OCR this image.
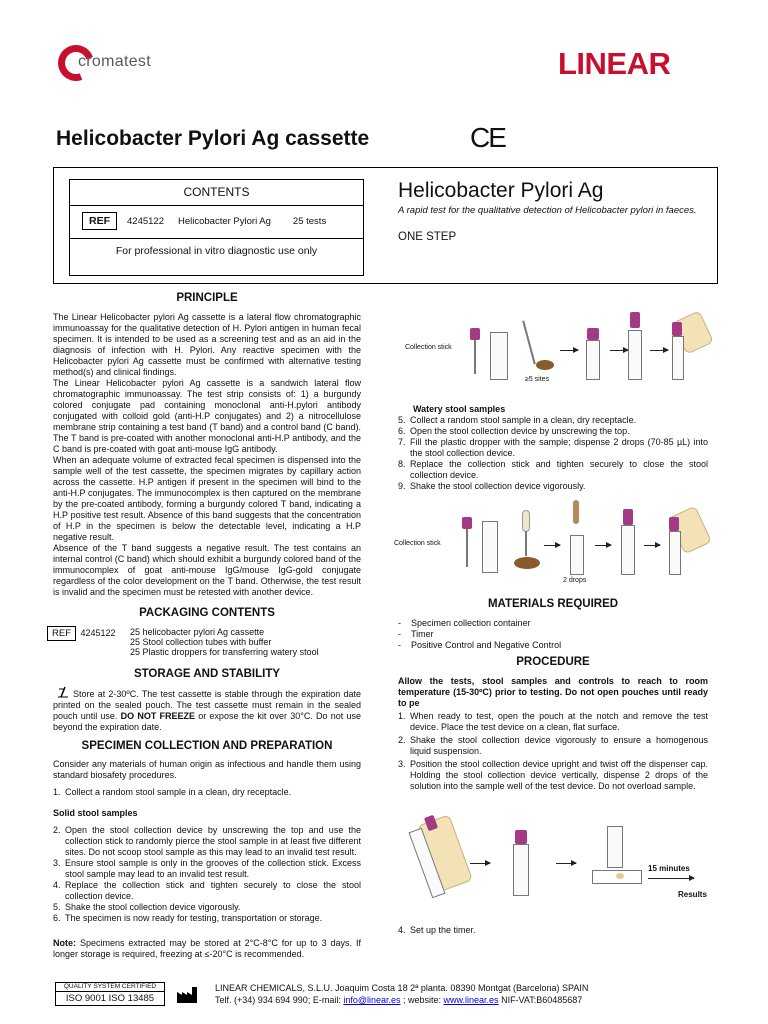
cromatest	LINEAR
Helicobacter Pylori Ag cassette	CE
CONTENTS
REF	4245122 Helicobacter Pylori Ag 25 tests
For professional in vitro diagnostic use only
Helicobacter Pylori Ag
A rapid test for the qualitative detection of Helicobacter pylori in faeces.
ONE STEP
PRINCIPLE

The Linear Helicobacter pylori Ag cassette is a lateral flow chromatographic immunoassay for the qualitative detection of H. Pylori antigen in human fecal specimen. It is intended to be used as a screening test and as an aid in the diagnosis of infection with H. Pylori. Any reactive specimen with the Helicobacter pylori Ag cassette must be confirmed with alternative testing method(s) and clinical findings.

The Linear Helicobacter pylori Ag cassette is a sandwich lateral flow chromatographic immunoassay. The test strip consists of: 1) a burgundy colored conjugate pad containing monoclonal anti-H.pylori antibody conjugated with colloid gold (anti-H.P conjugates) and 2) a nitrocellulose membrane strip containing a test band (T band) and a control band (C band). The T band is pre-coated with another monoclonal anti-H.P antibody, and the C band is pre-coated with goat anti-mouse IgG antibody.

When an adequate volume of extracted fecal specimen is dispensed into the sample well of the test cassette, the specimen migrates by capillary action across the cassette. H.P antigen if present in the specimen will bind to the anti-H.P conjugates. The immunocomplex is then captured on the membrane by the pre-coated antibody, forming a burgundy colored T band, indicating a H.P positive test result. Absence of this band suggests that the concentration of H.P in the specimen is below the detectable level, indicating a H.P negative result.

Absence of the T band suggests a negative result. The test contains an internal control (C band) which should exhibit a burgundy colored band of the immunocomplex of goat anti-mouse IgG/mouse IgG-gold conjugate regardless of the color development on the T band. Otherwise, the test result is invalid and the specimen must be retested with another device.

PACKAGING CONTENTS
REF 4245122 25 helicobacter pylori Ag cassette
25 Stool collection tubes with buffer
25 Plastic droppers for transferring watery stool
STORAGE AND STABILITY
Store at 2-30ºC. The test cassette is stable through the expiration date printed on the sealed pouch. The test cassette must remain in the sealed pouch until use. DO NOT FREEZE or expose the kit over 30°C. Do not use beyond the expiration date.
SPECIMEN COLLECTION AND PREPARATION
Consider any materials of human origin as infectious and handle them using standard biosafety procedures.
1. Collect a random stool sample in a clean, dry receptacle.
Solid stool samples
2. Open the stool collection device by unscrewing the top and use the collection stick to randomly pierce the stool sample in at least five different sites. Do not scoop stool sample as this may lead to an invalid test result.
3. Ensure stool sample is only in the grooves of the collection stick. Excess stool sample may lead to an invalid test result.
4. Replace the collection stick and tighten securely to close the stool collection device.
5. Shake the stool collection device vigorously.
6. The specimen is now ready for testing, transportation or storage.
Note: Specimens extracted may be stored at 2°C-8°C for up to 3 days. If longer storage is required, freezing at ≤-20°C is recommended.
Collection stick
≥5 sites
Watery stool samples
5. Collect a random stool sample in a clean, dry receptacle.
6. Open the stool collection device by unscrewing the top.
7. Fill the plastic dropper with the sample; dispense 2 drops (70-85 µL) into the stool collection device.
8. Replace the collection stick and tighten securely to close the stool collection device.
9. Shake the stool collection device vigorously.
Collection stick
2 drops
MATERIALS REQUIRED
-    Specimen collection container
-    Timer
-    Positive Control and Negative Control
PROCEDURE
Allow the tests, stool samples and controls to reach to room temperature (15-30ºC) prior to testing. Do not open pouches until ready to pe
1. When ready to test, open the pouch at the notch and remove the test device. Place the test device on a clean, flat surface.
2. Shake the stool collection device vigorously to ensure a homogenous liquid suspension.
3. Position the stool collection device upright and twist off the dispenser cap. Holding the stool collection device vertically, dispense 2 drops of the solution into the sample well of the test device. Do not overload sample.
15 minutes
Results
4. Set up the timer.
QUALITY SYSTEM CERTIFIED
ISO 9001 ISO 13485
LINEAR CHEMICALS, S.L.U. Joaquim Costa 18 2ª planta. 08390 Montgat (Barcelona) SPAIN
Telf. (+34) 934 694 990; E-mail: info@linear.es ; website: www.linear.es NIF-VAT:B60485687
